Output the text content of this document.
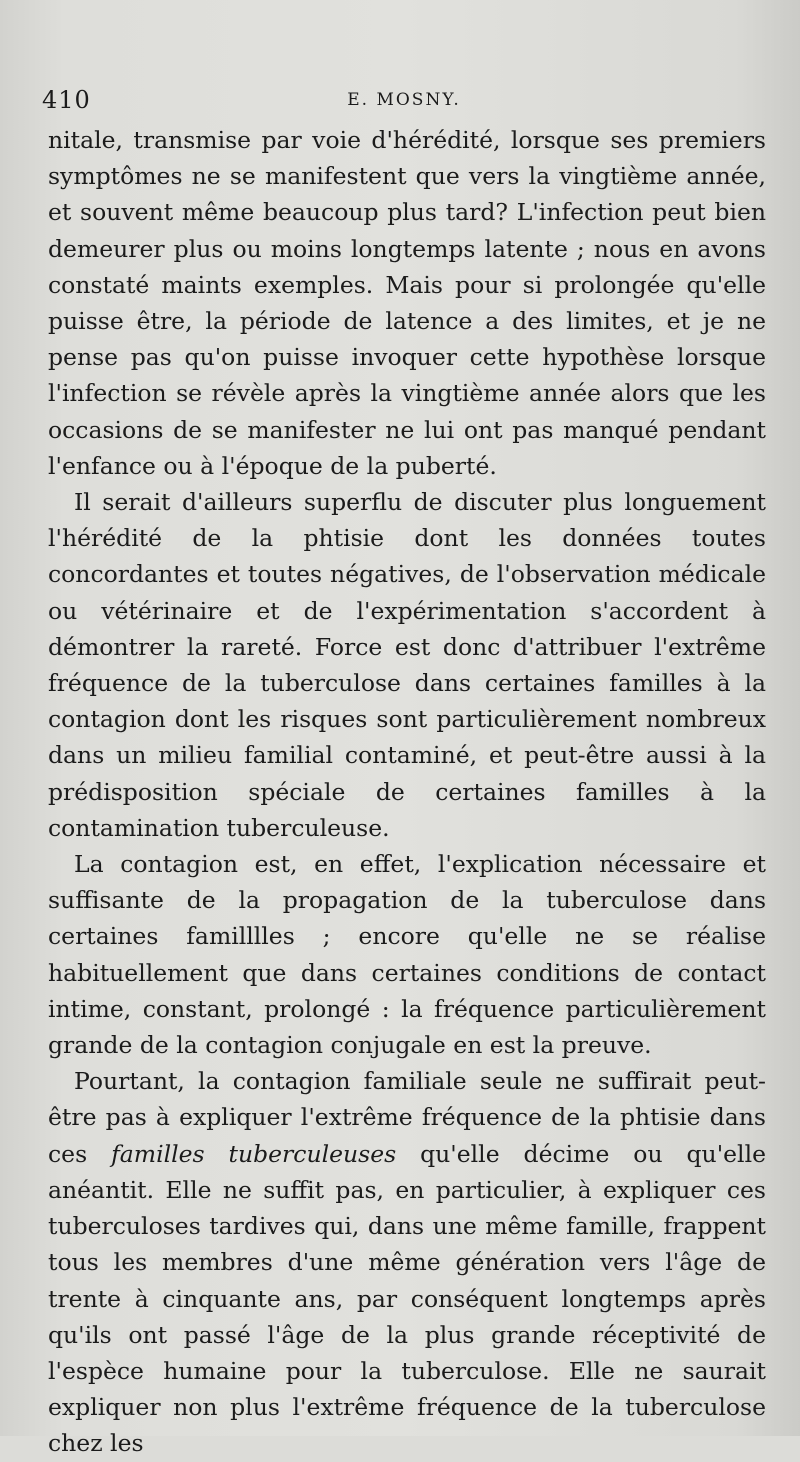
410	E. MOSNY.

nitale, transmise par voie d'hérédité, lorsque ses premiers symptômes ne se manifestent que vers la vingtième année, et souvent même beaucoup plus tard? L'infection peut bien demeurer plus ou moins longtemps latente ; nous en avons constaté maints exemples. Mais pour si prolongée qu'elle puisse être, la période de latence a des limites, et je ne pense pas qu'on puisse invoquer cette hypothèse lorsque l'infection se révèle après la vingtième année alors que les occasions de se manifester ne lui ont pas manqué pendant l'enfance ou à l'époque de la puberté.

Il serait d'ailleurs superflu de discuter plus longuement l'hérédité de la phtisie dont les données toutes concordantes et toutes négatives, de l'observation médicale ou vétérinaire et de l'expérimentation s'accordent à démontrer la rareté. Force est donc d'attribuer l'extrême fréquence de la tuberculose dans certaines familles à la contagion dont les risques sont particulièrement nombreux dans un milieu familial contaminé, et peut-être aussi à la prédisposition spéciale de certaines familles à la contamination tuberculeuse.

La contagion est, en effet, l'explication nécessaire et suffisante de la propagation de la tuberculose dans certaines familllles ; encore qu'elle ne se réalise habituellement que dans certaines conditions de contact intime, constant, prolongé : la fréquence particulièrement grande de la contagion conjugale en est la preuve.

Pourtant, la contagion familiale seule ne suffirait peut-être pas à expliquer l'extrême fréquence de la phtisie dans ces familles tuberculeuses qu'elle décime ou qu'elle anéantit. Elle ne suffit pas, en particulier, à expliquer ces tuberculoses tardives qui, dans une même famille, frappent tous les membres d'une même génération vers l'âge de trente à cinquante ans, par conséquent longtemps après qu'ils ont passé l'âge de la plus grande réceptivité de l'espèce humaine pour la tuberculose. Elle ne saurait expliquer non plus l'extrême fréquence de la tuberculose chez les
